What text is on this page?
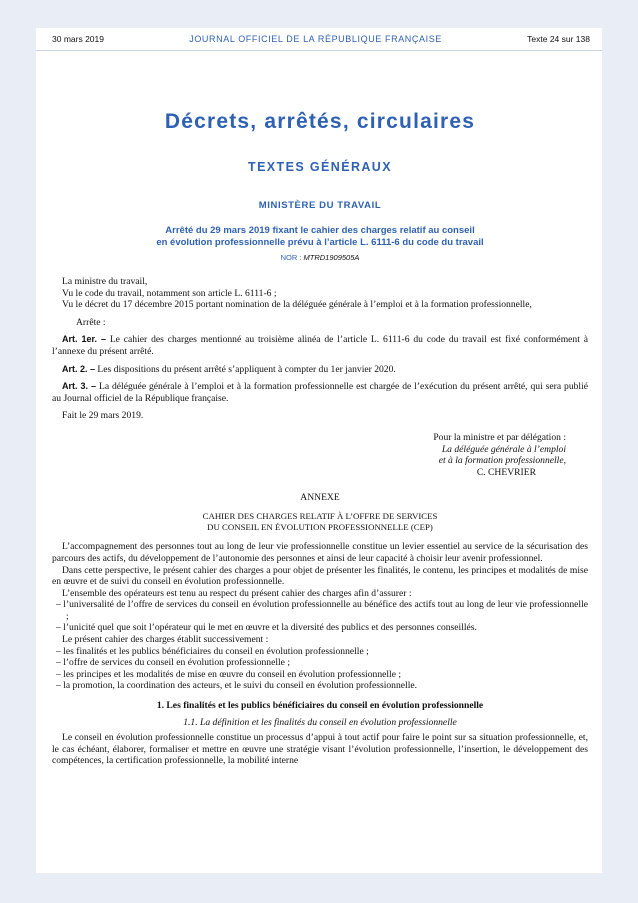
30 mars 2019	JOURNAL OFFICIEL DE LA RÉPUBLIQUE FRANÇAISE	Texte 24 sur 138
Décrets, arrêtés, circulaires
TEXTES GÉNÉRAUX
MINISTÈRE DU TRAVAIL
Arrêté du 29 mars 2019 fixant le cahier des charges relatif au conseil
en évolution professionnelle prévu à l’article L. 6111-6 du code du travail
NOR : MTRD1909505A

La ministre du travail,

Vu le code du travail, notamment son article L. 6111-6 ;

Vu le décret du 17 décembre 2015 portant nomination de la déléguée générale à l’emploi et à la formation professionnelle,

Arrête :

Art. 1er. – Le cahier des charges mentionné au troisième alinéa de l’article L. 6111-6 du code du travail est fixé conformément à l’annexe du présent arrêté.

Art. 2. – Les dispositions du présent arrêté s’appliquent à compter du 1er janvier 2020.

Art. 3. – La déléguée générale à l’emploi et à la formation professionnelle est chargée de l’exécution du présent arrêté, qui sera publié au Journal officiel de la République française.

Fait le 29 mars 2019.

Pour la ministre et par délégation :
La déléguée générale à l’emploi
et à la formation professionnelle,
C. CHEVRIER
ANNEXE
CAHIER DES CHARGES RELATIF À L’OFFRE DE SERVICES
DU CONSEIL EN ÉVOLUTION PROFESSIONNELLE (CEP)

L’accompagnement des personnes tout au long de leur vie professionnelle constitue un levier essentiel au service de la sécurisation des parcours des actifs, du développement de l’autonomie des personnes et ainsi de leur capacité à choisir leur avenir professionnel.

Dans cette perspective, le présent cahier des charges a pour objet de présenter les finalités, le contenu, les principes et modalités de mise en œuvre et de suivi du conseil en évolution professionnelle.

L’ensemble des opérateurs est tenu au respect du présent cahier des charges afin d’assurer :

– l’universalité de l’offre de services du conseil en évolution professionnelle au bénéfice des actifs tout au long de leur vie professionnelle ;

– l’unicité quel que soit l’opérateur qui le met en œuvre et la diversité des publics et des personnes conseillés.

Le présent cahier des charges établit successivement :

– les finalités et les publics bénéficiaires du conseil en évolution professionnelle ;

– l’offre de services du conseil en évolution professionnelle ;

– les principes et les modalités de mise en œuvre du conseil en évolution professionnelle ;

– la promotion, la coordination des acteurs, et le suivi du conseil en évolution professionnelle.

1. Les finalités et les publics bénéficiaires du conseil en évolution professionnelle
1.1. La définition et les finalités du conseil en évolution professionnelle

Le conseil en évolution professionnelle constitue un processus d’appui à tout actif pour faire le point sur sa situation professionnelle, et, le cas échéant, élaborer, formaliser et mettre en œuvre une stratégie visant l’évolution professionnelle, l’insertion, le développement des compétences, la certification professionnelle, la mobilité interne
